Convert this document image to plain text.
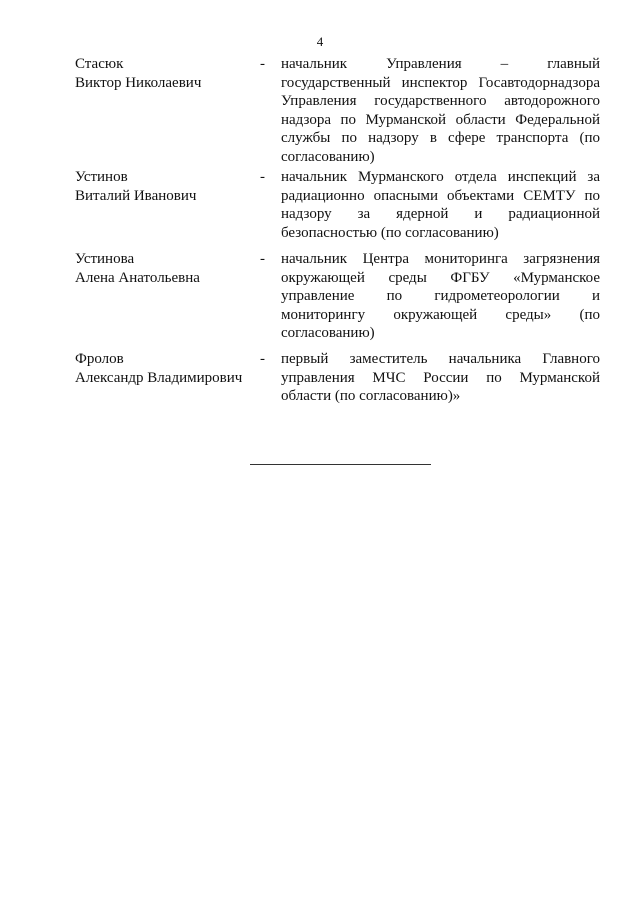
4
Стасюк
Виктор Николаевич
- начальник Управления – главный
государственный инспектор Госавтодорнадзора
Управления государственного автодорожного
надзора по Мурманской области Федеральной
службы по надзору в сфере транспорта (по
согласованию)
Устинов
Виталий Иванович
- начальник Мурманского отдела инспекций за
радиационно опасными объектами СЕМТУ по
надзору за ядерной и радиационной
безопасностью (по согласованию)
Устинова
Алена Анатольевна
- начальник Центра мониторинга загрязнения
окружающей среды ФГБУ «Мурманское
управление по гидрометеорологии и
мониторингу окружающей среды» (по
согласованию)
Фролов
Александр Владимирович
- первый заместитель начальника Главного
управления МЧС России по Мурманской
области (по согласованию)»
